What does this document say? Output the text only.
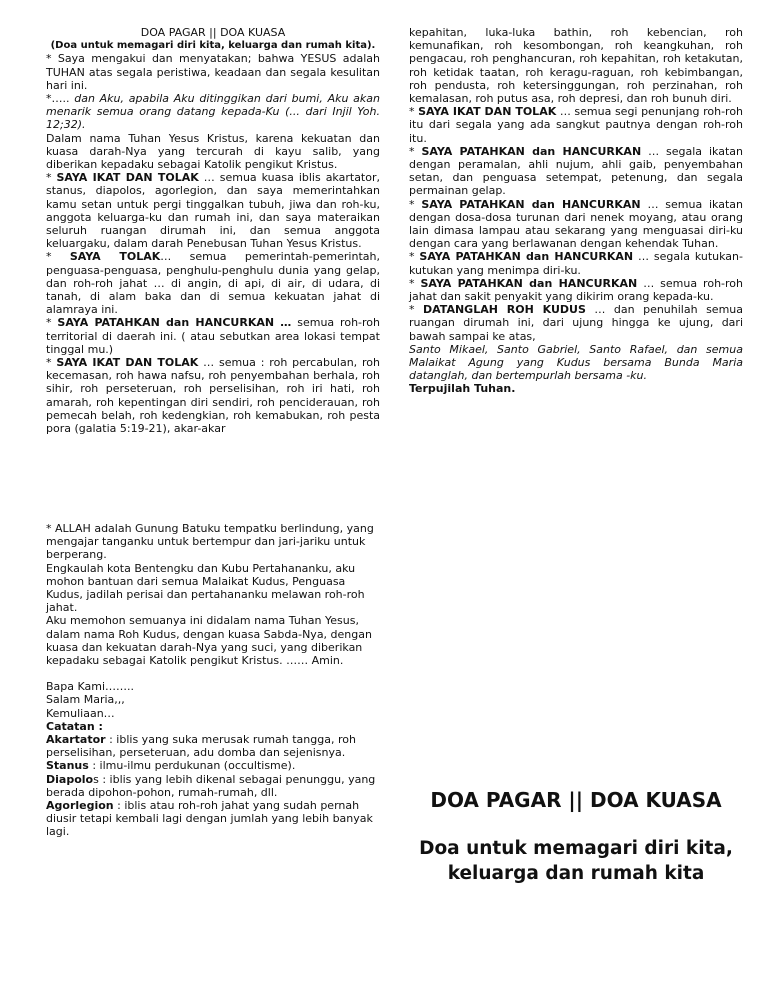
DOA PAGAR || DOA KUASA

(Doa untuk memagari diri kita, keluarga dan rumah kita).

* Saya mengakui dan menyatakan; bahwa YESUS adalah TUHAN atas segala peristiwa, keadaan dan segala kesulitan hari ini.

*….. dan Aku, apabila Aku ditinggikan dari bumi, Aku akan menarik semua orang datang kepada-Ku (... dari Injil Yoh. 12;32).

Dalam nama Tuhan Yesus Kristus, karena kekuatan dan kuasa darah-Nya yang tercurah di kayu salib, yang diberikan kepadaku sebagai Katolik pengikut Kristus.

* SAYA IKAT DAN TOLAK … semua kuasa iblis akartator, stanus, diapolos, agorlegion, dan saya memerintahkan kamu setan untuk pergi tinggalkan tubuh, jiwa dan roh-ku, anggota keluarga-ku dan rumah ini, dan saya materaikan seluruh ruangan dirumah ini, dan semua anggota keluargaku, dalam darah Penebusan Tuhan Yesus Kristus.

* SAYA TOLAK… semua pemerintah-pemerintah, penguasa-penguasa, penghulu-penghulu dunia yang gelap, dan roh-roh jahat … di angin, di api, di air, di udara, di tanah, di alam baka dan di semua kekuatan jahat di alamraya ini.

* SAYA PATAHKAN dan HANCURKAN … semua roh-roh territorial di daerah ini. ( atau sebutkan area lokasi tempat tinggal mu.)

* SAYA IKAT DAN TOLAK … semua : roh percabulan, roh kecemasan, roh hawa nafsu, roh penyembahan berhala, roh sihir, roh perseteruan, roh perselisihan, roh iri hati, roh amarah, roh kepentingan diri sendiri, roh penciderauan, roh pemecah belah, roh kedengkian, roh kemabukan, roh pesta pora (galatia 5:19-21), akar-akar

kepahitan, luka-luka bathin, roh kebencian, roh kemunafikan, roh kesombongan, roh keangkuhan, roh pengacau, roh penghancuran, roh kepahitan, roh ketakutan, roh ketidak taatan, roh keragu-raguan, roh kebimbangan, roh pendusta, roh ketersinggungan, roh perzinahan, roh kemalasan, roh putus asa, roh depresi, dan roh bunuh diri.

* SAYA IKAT DAN TOLAK … semua segi penunjang roh-roh itu dari segala yang ada sangkut pautnya dengan roh-roh itu.

* SAYA PATAHKAN dan HANCURKAN … segala ikatan dengan peramalan, ahli nujum, ahli gaib, penyembahan setan, dan penguasa setempat, petenung, dan segala permainan gelap.

* SAYA PATAHKAN dan HANCURKAN … semua ikatan dengan dosa-dosa turunan dari nenek moyang, atau orang lain dimasa lampau atau sekarang yang menguasai diri-ku dengan cara yang berlawanan dengan kehendak Tuhan.

* SAYA PATAHKAN dan HANCURKAN … segala kutukan-kutukan yang menimpa diri-ku.

* SAYA PATAHKAN dan HANCURKAN … semua roh-roh jahat dan sakit penyakit yang dikirim orang kepada-ku.

* DATANGLAH ROH KUDUS … dan penuhilah semua ruangan dirumah ini, dari ujung hingga ke ujung, dari bawah sampai ke atas,

Santo Mikael, Santo Gabriel, Santo Rafael, dan semua Malaikat Agung yang Kudus bersama Bunda Maria datanglah, dan bertempurlah bersama -ku.

Terpujilah Tuhan.

* ALLAH adalah Gunung Batuku tempatku berlindung, yang mengajar tanganku untuk bertempur dan jari-jariku untuk berperang.

Engkaulah kota Bentengku dan Kubu Pertahananku, aku mohon bantuan dari semua Malaikat Kudus, Penguasa Kudus, jadilah perisai dan pertahananku melawan roh-roh jahat.

Aku memohon semuanya ini didalam nama Tuhan Yesus, dalam nama Roh Kudus, dengan kuasa Sabda-Nya, dengan kuasa dan kekuatan darah-Nya yang suci, yang diberikan kepadaku sebagai Katolik pengikut Kristus. …… Amin.

Bapa Kami……..

Salam Maria,,,

Kemuliaan…

Catatan :

Akartator : iblis yang suka merusak rumah tangga, roh perselisihan, perseteruan, adu domba dan sejenisnya.

Stanus : ilmu-ilmu perdukunan (occultisme).

Diapolos : iblis yang lebih dikenal sebagai penunggu, yang berada dipohon-pohon, rumah-rumah, dll.

Agorlegion : iblis atau roh-roh jahat yang sudah pernah diusir tetapi kembali lagi dengan jumlah yang lebih banyak lagi.

DOA PAGAR || DOA KUASA
Doa untuk memagari diri kita, keluarga dan rumah kita
